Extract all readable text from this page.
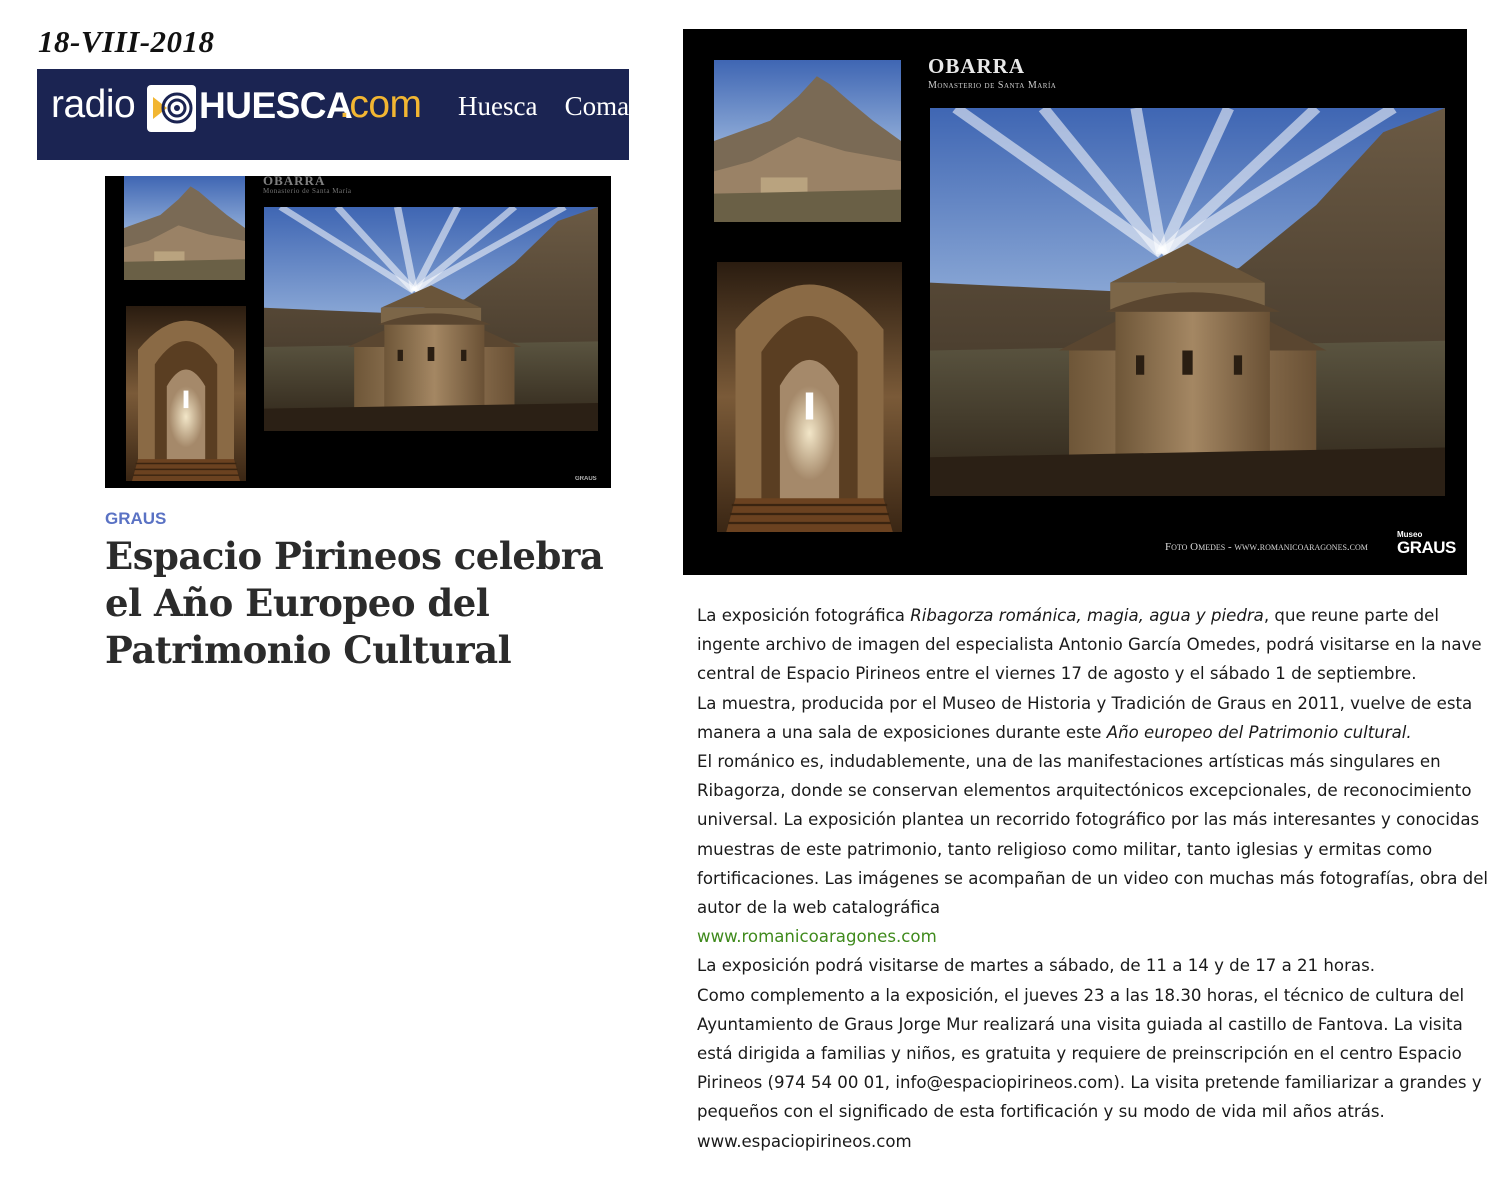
18-VIII-2018
radio HUESCA
.com Huesca Comarcas
OBARRA
Monasterio de Santa María
GRAUS
GRAUS
Espacio Pirineos celebra el Año Europeo del Patrimonio Cultural
OBARRA
Monasterio de Santa María
Foto Omedes - www.romanicoaragones.com
Museo
GRAUS

La exposición fotográfica Ribagorza románica, magia, agua y piedra, que reune parte del ingente archivo de imagen del especialista Antonio García Omedes, podrá visitarse en la nave central de Espacio Pirineos entre el viernes 17 de agosto y el sábado 1 de septiembre.

La muestra, producida por el Museo de Historia y Tradición de Graus en 2011, vuelve de esta manera a una sala de exposiciones durante este Año europeo del Patrimonio cultural.

El románico es, indudablemente, una de las manifestaciones artísticas más singulares en Ribagorza, donde se conservan elementos arquitectónicos excepcionales, de reconocimiento universal. La exposición plantea un recorrido fotográfico por las más interesantes y conocidas muestras de este patrimonio, tanto religioso como militar, tanto iglesias y ermitas como fortificaciones. Las imágenes se acompañan de un video con muchas más fotografías, obra del autor de la web catalográfica

www.romanicoaragones.com

La exposición podrá visitarse de martes a sábado, de 11 a 14 y de 17 a 21 horas.

Como complemento a la exposición, el jueves 23 a las 18.30 horas, el técnico de cultura del Ayuntamiento de Graus Jorge Mur realizará una visita guiada al castillo de Fantova. La visita está dirigida a familias y niños, es gratuita y requiere de preinscripción en el centro Espacio Pirineos (974 54 00 01, info@espaciopirineos.com). La visita pretende familiarizar a grandes y pequeños con el significado de esta fortificación y su modo de vida mil años atrás.

www.espaciopirineos.com
